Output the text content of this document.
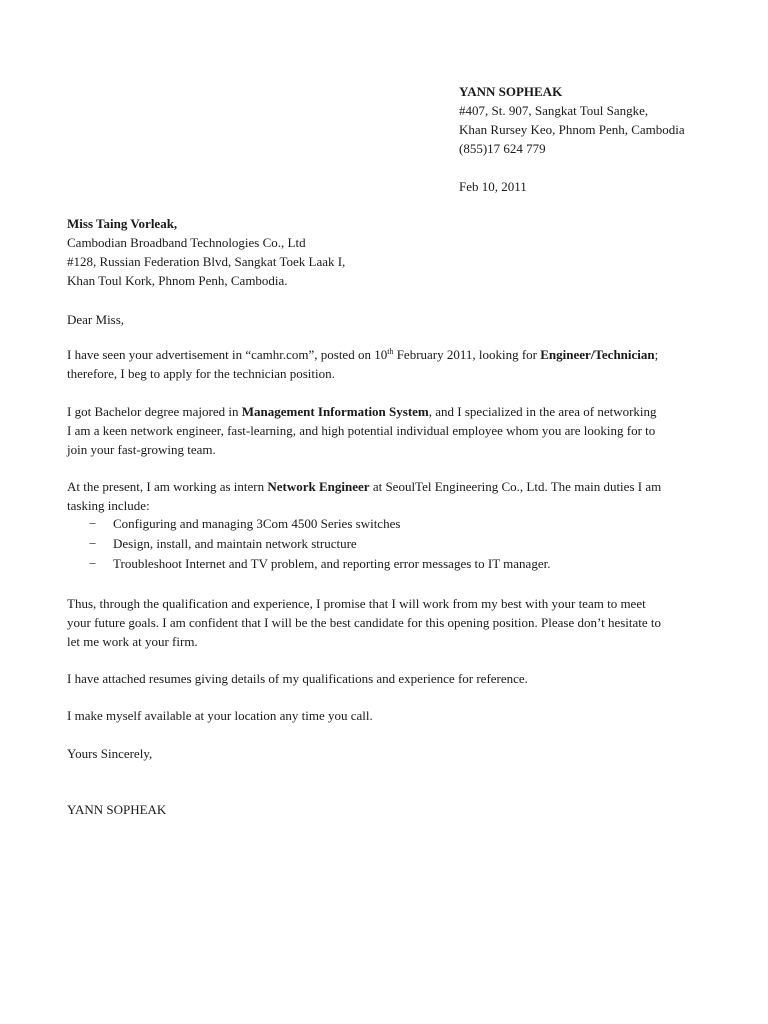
YANN SOPHEAK
#407, St. 907, Sangkat Toul Sangke,
Khan Rursey Keo, Phnom Penh, Cambodia
(855)17 624 779
Feb 10, 2011
Miss Taing Vorleak,
Cambodian Broadband Technologies Co., Ltd
#128, Russian Federation Blvd, Sangkat Toek Laak I,
Khan Toul Kork, Phnom Penh, Cambodia.
Dear Miss,
I have seen your advertisement in “camhr.com”, posted on 10th February 2011, looking for Engineer/Technician;
therefore, I beg to apply for the technician position.
I got Bachelor degree majored in Management Information System, and I specialized in the area of networking
I am a keen network engineer, fast-learning, and high potential individual employee whom you are looking for to
join your fast-growing team.
At the present, I am working as intern Network Engineer at SeoulTel Engineering Co., Ltd. The main duties I am
tasking include:
− Configuring and managing 3Com 4500 Series switches
− Design, install, and maintain network structure
− Troubleshoot Internet and TV problem, and reporting error messages to IT manager.
Thus, through the qualification and experience, I promise that I will work from my best with your team to meet
your future goals. I am confident that I will be the best candidate for this opening position. Please don’t hesitate to
let me work at your firm.
I have attached resumes giving details of my qualifications and experience for reference.
I make myself available at your location any time you call.
Yours Sincerely,
YANN SOPHEAK
